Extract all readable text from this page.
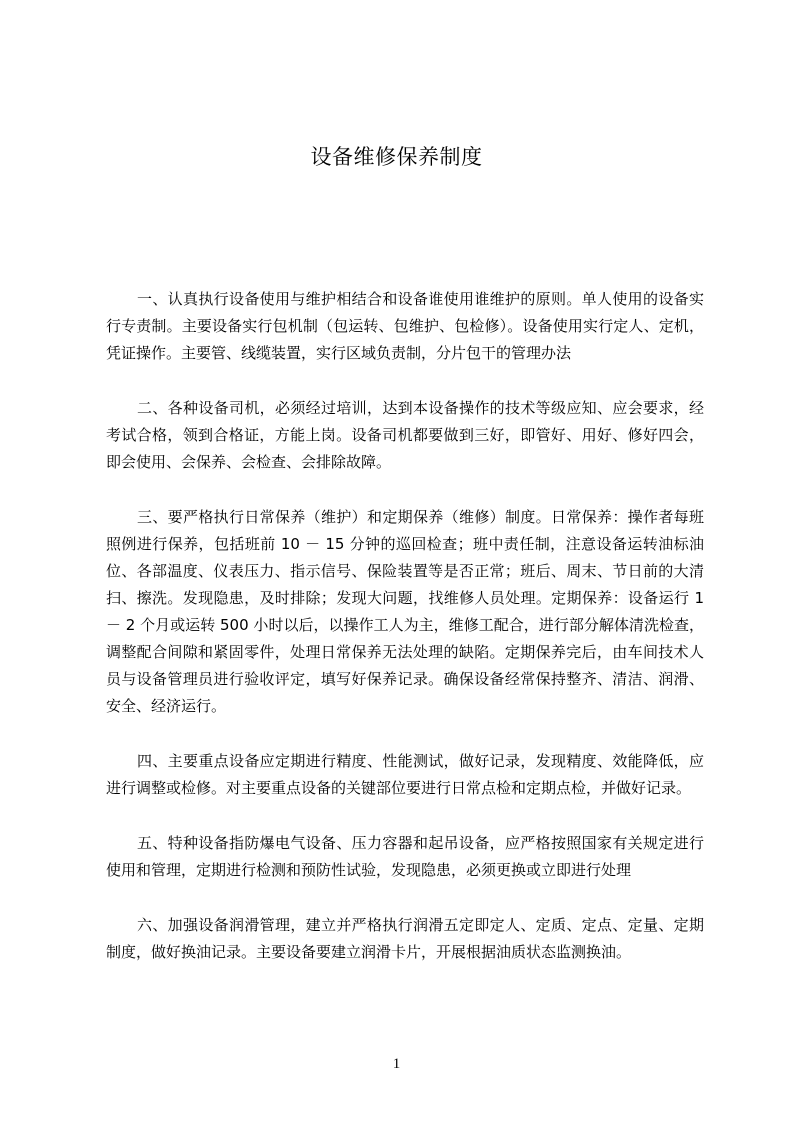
设备维修保养制度

一、认真执行设备使用与维护相结合和设备谁使用谁维护的原则。单人使用的设备实行专责制。主要设备实行包机制（包运转、包维护、包检修）。设备使用实行定人、定机，凭证操作。主要管、线缆装置，实行区域负责制，分片包干的管理办法

二、各种设备司机，必须经过培训，达到本设备操作的技术等级应知、应会要求，经考试合格，领到合格证，方能上岗。设备司机都要做到三好，即管好、用好、修好四会，即会使用、会保养、会检查、会排除故障。

三、要严格执行日常保养（维护）和定期保养（维修）制度。日常保养：操作者每班照例进行保养，包括班前 10 － 15 分钟的巡回检查；班中责任制，注意设备运转油标油位、各部温度、仪表压力、指示信号、保险装置等是否正常；班后、周末、节日前的大清扫、擦洗。发现隐患，及时排除；发现大问题，找维修人员处理。定期保养：设备运行 1 － 2 个月或运转 500 小时以后，以操作工人为主，维修工配合，进行部分解体清洗检查，调整配合间隙和紧固零件，处理日常保养无法处理的缺陷。定期保养完后，由车间技术人员与设备管理员进行验收评定，填写好保养记录。确保设备经常保持整齐、清洁、润滑、安全、经济运行。

四、主要重点设备应定期进行精度、性能测试，做好记录，发现精度、效能降低，应进行调整或检修。对主要重点设备的关键部位要进行日常点检和定期点检，并做好记录。

五、特种设备指防爆电气设备、压力容器和起吊设备，应严格按照国家有关规定进行使用和管理，定期进行检测和预防性试验，发现隐患，必须更换或立即进行处理

六、加强设备润滑管理，建立并严格执行润滑五定即定人、定质、定点、定量、定期制度，做好换油记录。主要设备要建立润滑卡片，开展根据油质状态监测换油。

1
